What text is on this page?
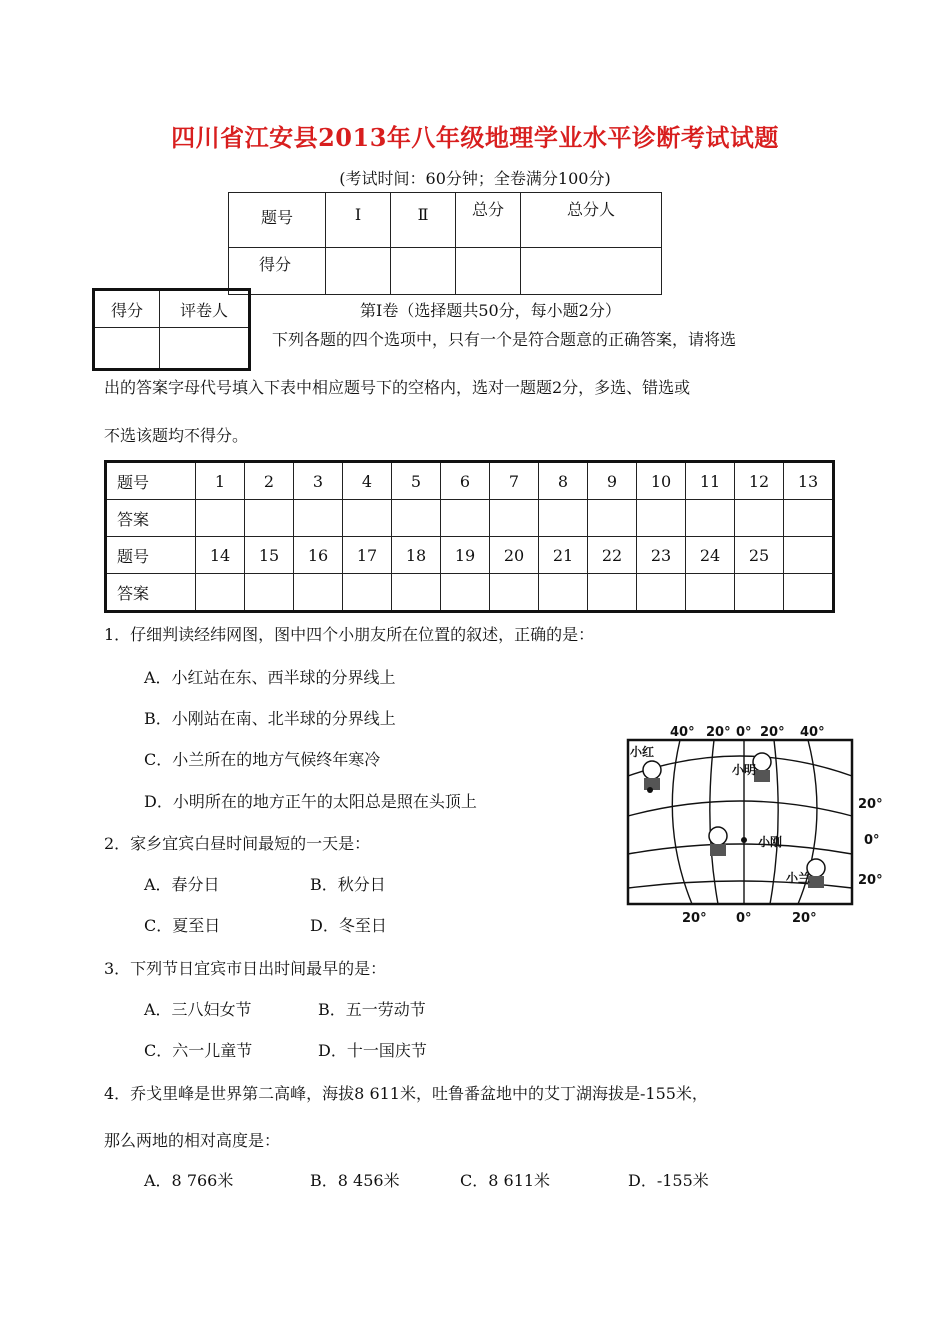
四川省江安县2013年八年级地理学业水平诊断考试试题
(考试时间：60分钟；全卷满分100分)
题号	I	Ⅱ	总分	总分人
得分				
得分	评卷人
		第Ⅰ卷（选择题共50分，每小题2分）
下列各题的四个选项中，只有一个是符合题意的正确答案，请将选
出的答案字母代号填入下表中相应题号下的空格内，选对一题题2分，多选、错选或
不选该题均不得分。
题号	1	2	3	4	5	6	7	8	9	10	11	12	13
答案													
题号	14	15	16	17	18	19	20	21	22	23	24	25	
答案													
1．仔细判读经纬网图，图中四个小朋友所在位置的叙述，正确的是：
A．小红站在东、西半球的分界线上
B．小刚站在南、北半球的分界线上
C．小兰所在的地方气候终年寒冷
D．小明所在的地方正午的太阳总是照在头顶上
2．家乡宜宾白昼时间最短的一天是：
A．春分日	B．秋分日
C．夏至日	D．冬至日
3．下列节日宜宾市日出时间最早的是：
A．三八妇女节	B．五一劳动节
C．六一儿童节	D．十一国庆节
4．乔戈里峰是世界第二高峰，海拔8 611米，吐鲁番盆地中的艾丁湖海拔是-155米，
那么两地的相对高度是：
A．8 766米	B．8 456米	C．8 611米	D．-155米
40° 20° 0° 20° 40°
20° 0°	20°
20°
0°
20°
小红
小明
小刚
小兰
